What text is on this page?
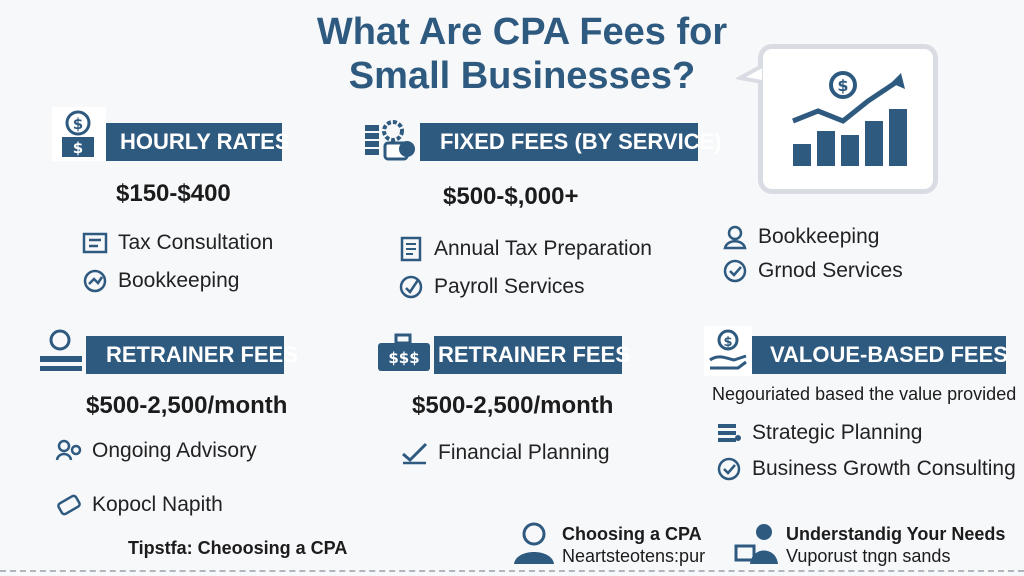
What Are CPA Fees for
Small Businesses?	$
HOURLY RATES
$
$
$150-$400
Tax Consultation
Bookkeeping
FIXED FEES (BY SERVICE)
$500-$,000+
Annual Tax Preparation
Payroll Services
Bookkeeping
Grnod Services
RETRAINER FEES
$500-2,500/month
Ongoing Advisory
Kopocl Napith
RETRAINER FEES
$$$
$500-2,500/month
Financial Planning
VALOUE-BASED FEES
$
Negouriated based the value provided
Strategic Planning
Business Growth Consulting
Tipstfa: Cheoosing a CPA
Choosing a CPA
Neartsteotens:pur
Understandig Your Needs
Vuporust tngn sands
